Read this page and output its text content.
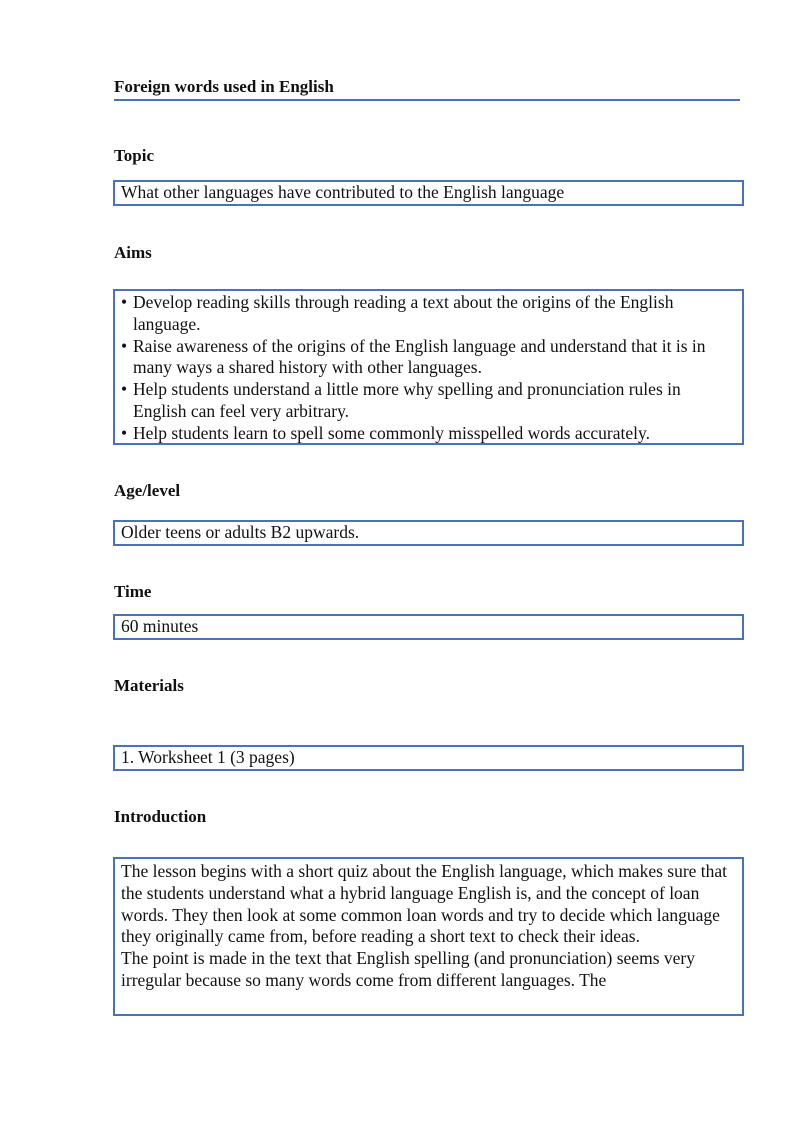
Foreign words used in English
Topic

What other languages have contributed to the English language

Aims
• Develop reading skills through reading a text about the origins of the English language.
• Raise awareness of the origins of the English language and understand that it is in many ways a shared history with other languages.
• Help students understand a little more why spelling and pronunciation rules in English can feel very arbitrary.
• Help students learn to spell some commonly misspelled words accurately.
Age/level

Older teens or adults B2 upwards.

Time

60 minutes

Materials

1. Worksheet 1 (3 pages)

Introduction

The lesson begins with a short quiz about the English language, which makes sure that the students understand what a hybrid language English is, and the concept of loan words. They then look at some common loan words and try to decide which language they originally came from, before reading a short text to check their ideas.

The point is made in the text that English spelling (and pronunciation) seems very irregular because so many words come from different languages. The
